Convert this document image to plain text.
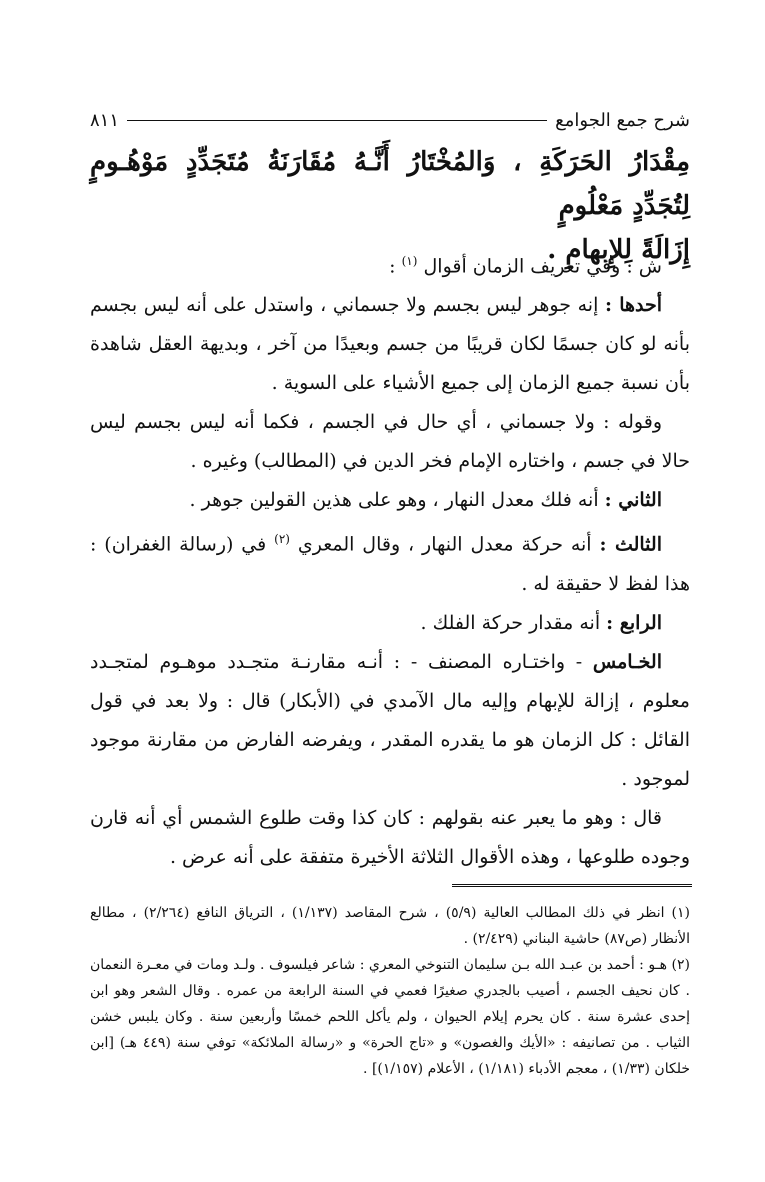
شرح جمع الجوامع
٨١١

مِقْدَارُ الحَرَكَةِ ، وَالمُخْتَارُ أَنَّـهُ مُقَارَنَةُ مُتَجَدِّدٍ مَوْهُـومٍ لِتُجَدِّدٍ مَعْلُومٍ

إِزَالَةً لِلإِبهامِ .

ش : وفي تعريف الزمان أقوال $^{(١)}$ :

أحدها : إنه جوهر ليس بجسم ولا جسماني ، واستدل على أنه ليس بجسم بأنه لو كان جسمًا لكان قريبًا من جسم وبعيدًا من آخر ، وبديهة العقل شاهدة بأن نسبة جميع الزمان إلى جميع الأشياء على السوية .

وقوله : ولا جسماني ، أي حال في الجسم ، فكما أنه ليس بجسم ليس حالا في جسم ، واختاره الإمام فخر الدين في (المطالب) وغيره .

الثاني : أنه فلك معدل النهار ، وهو على هذين القولين جوهر .

الثالث : أنه حركة معدل النهار ، وقال المعري $^{(٢)}$ في (رسالة الغفران) : هذا لفظ لا حقيقة له .

الرابع : أنه مقدار حركة الفلك .

الخـامس - واختـاره المصنف - : أنـه مقارنـة متجـدد موهـوم لمتجـدد معلوم ، إزالة للإبهام وإليه مال الآمدي في (الأبكار) قال : ولا بعد في قول القائل : كل الزمان هو ما يقدره المقدر ، ويفرضه الفارض من مقارنة موجود لموجود .

قال : وهو ما يعبر عنه بقولهم : كان كذا وقت طلوع الشمس أي أنه قارن وجوده طلوعها ، وهذه الأقوال الثلاثة الأخيرة متفقة على أنه عرض .

(١) انظر في ذلك المطالب العالية (٥/٩) ، شرح المقاصد (١/١٣٧) ، الترياق النافع (٢/٢٦٤) ، مطالع الأنظار (ص٨٧) حاشية البناني (٢/٤٢٩) .

(٢) هـو : أحمد بن عبـد الله بـن سليمان التنوخي المعري : شاعر فيلسوف . ولـد ومات في معـرة النعمان . كان نحيف الجسم ، أصيب بالجدري صغيرًا فعمي في السنة الرابعة من عمره . وقال الشعر وهو ابن إحدى عشرة سنة . كان يحرم إيلام الحيوان ، ولم يأكل اللحم خمسًا وأربعين سنة . وكان يلبس خشن الثياب . من تصانيفه : «الأيك والغصون» و «تاج الحرة» و «رسالة الملائكة» توفي سنة (٤٤٩ هـ) [ابن خلكان (١/٣٣) ، معجم الأدباء (١/١٨١) ، الأعلام (١/١٥٧)] .
